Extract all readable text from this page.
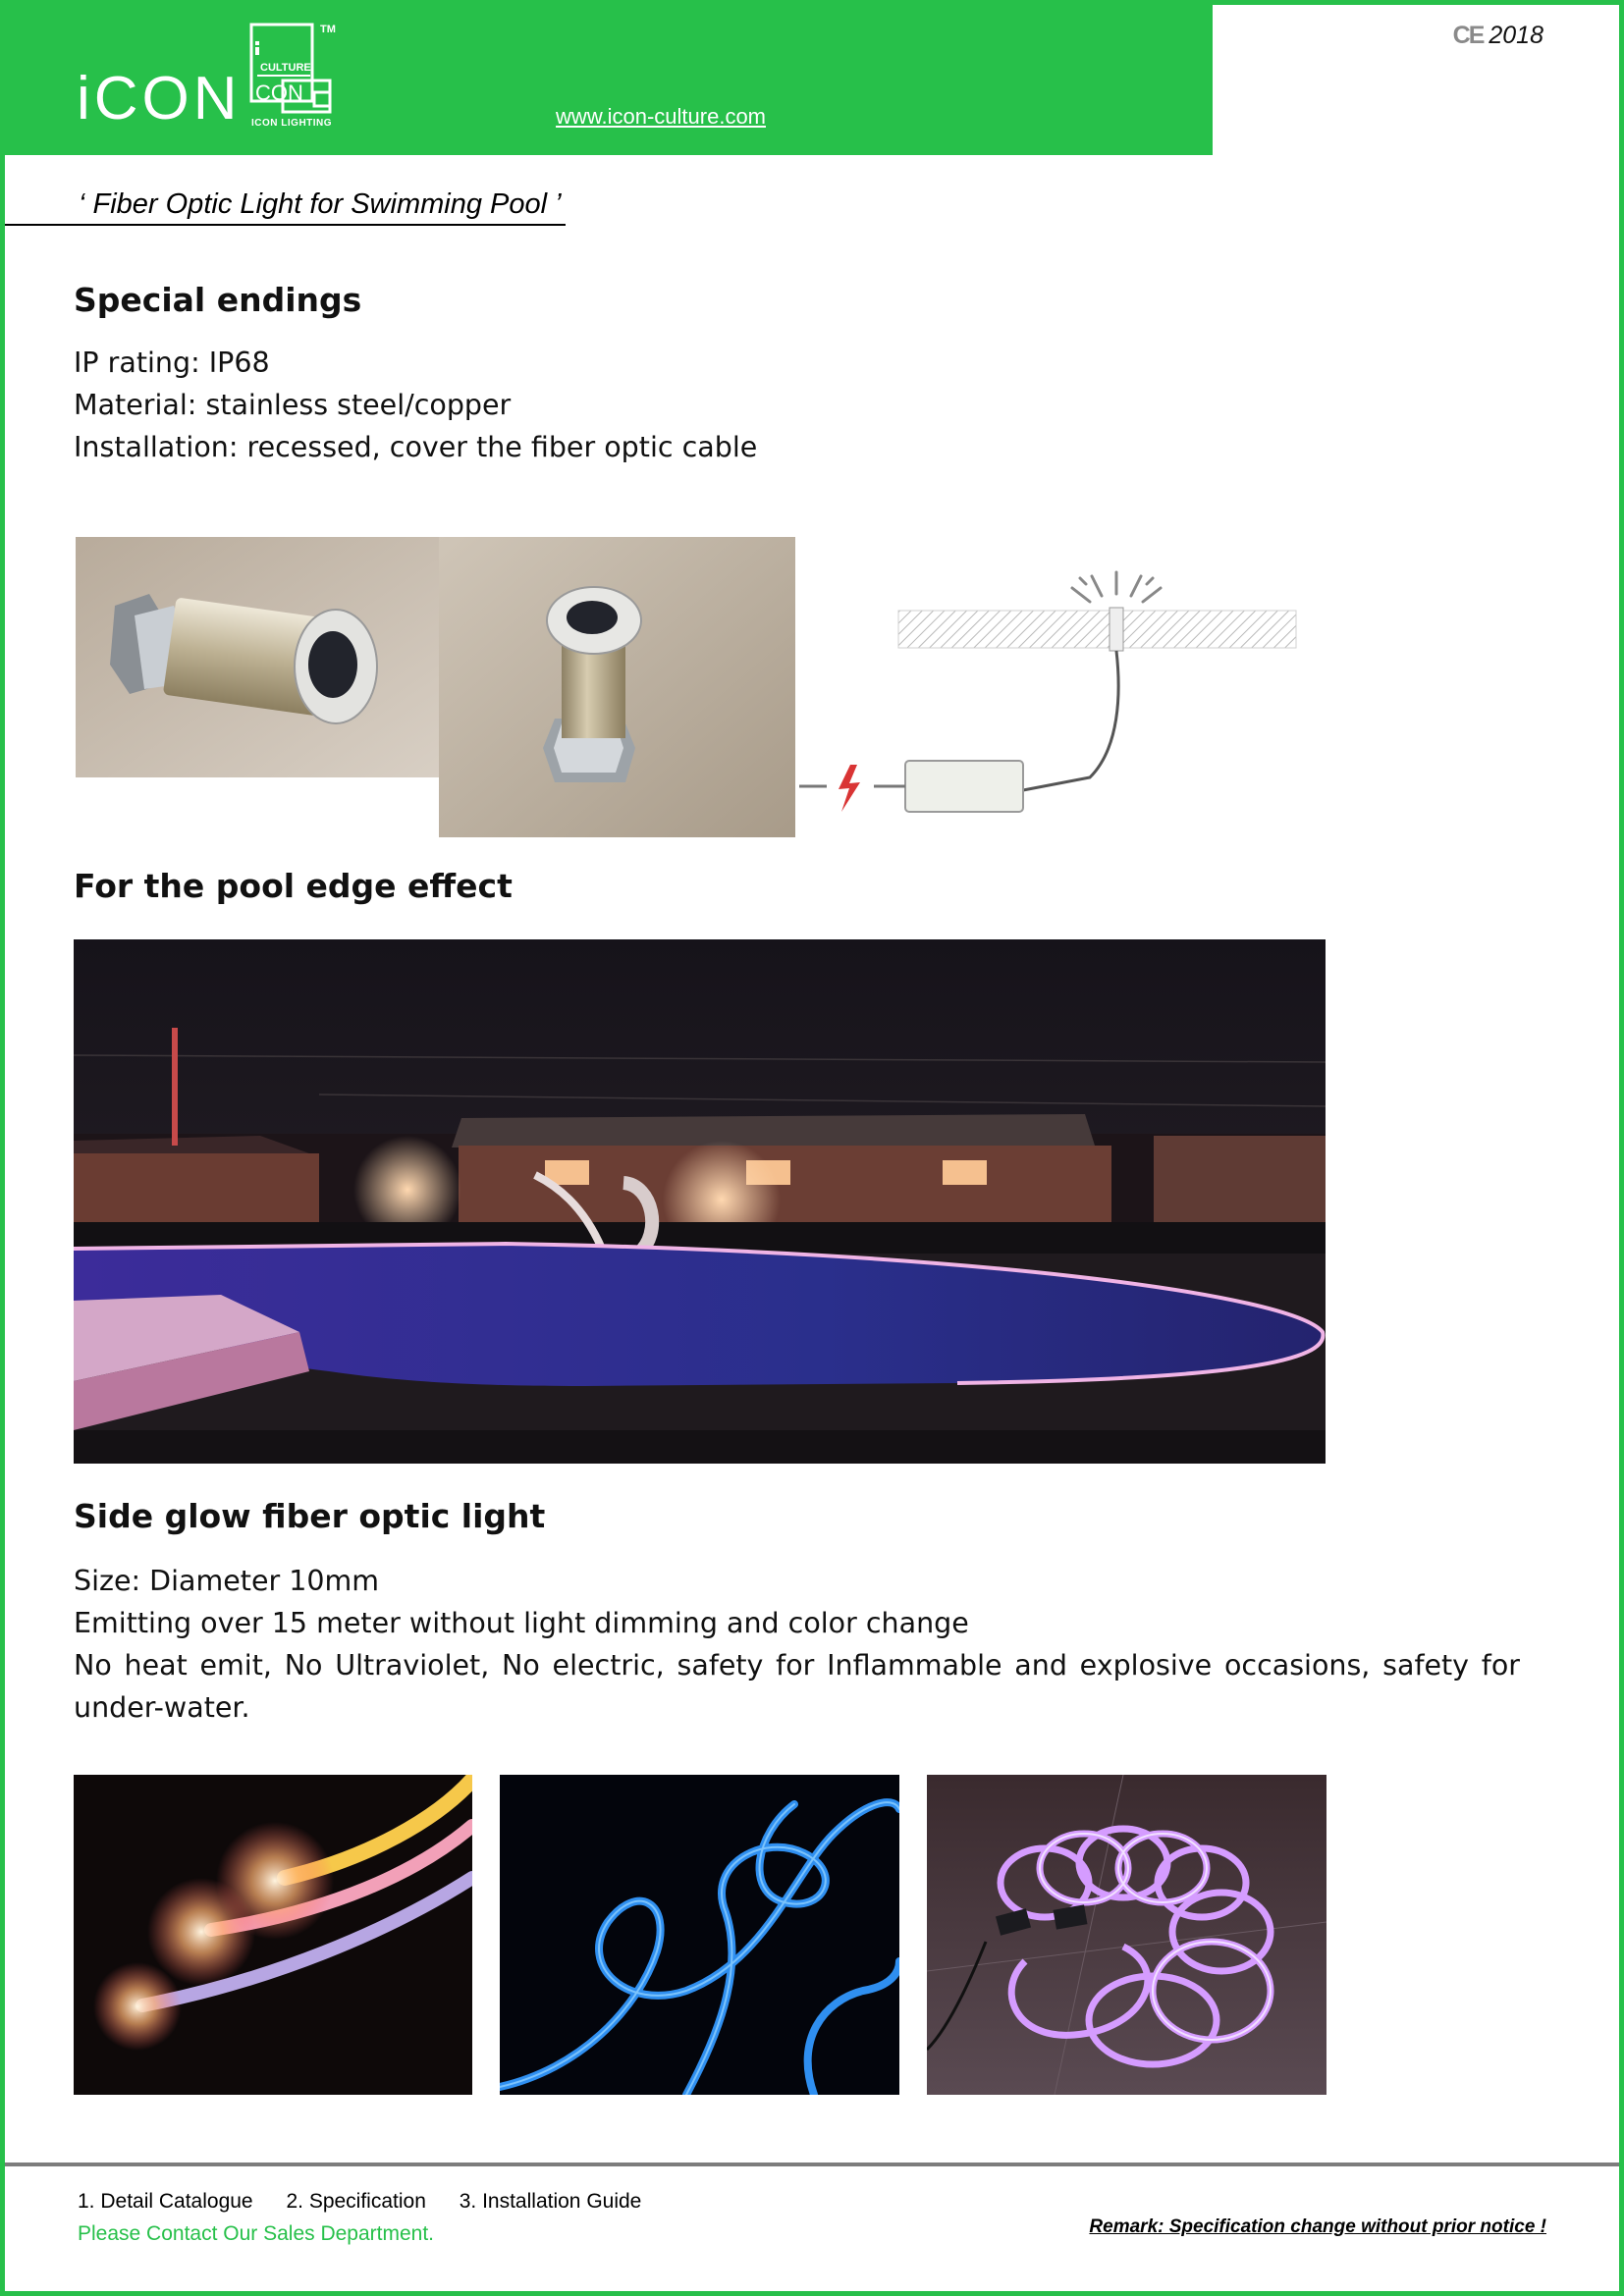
iCON CULTURE
CON
TM
ICON LIGHTING	www.icon-culture.com
CE 2018
‘ Fiber Optic Light for Swimming Pool ’
Special endings

IP rating: IP68

Material: stainless steel/copper

Installation: recessed, cover the fiber optic cable

For the pool edge effect
Side glow fiber optic light

Size: Diameter 10mm

Emitting over 15 meter without light dimming and color change

No heat emit, No Ultraviolet, No electric, safety for Inflammable and explosive occasions, safety for under-water.

1. Detail Catalogue 2. Specification 3. Installation Guide
Please Contact Our Sales Department.	Remark: Specification change without prior notice !
